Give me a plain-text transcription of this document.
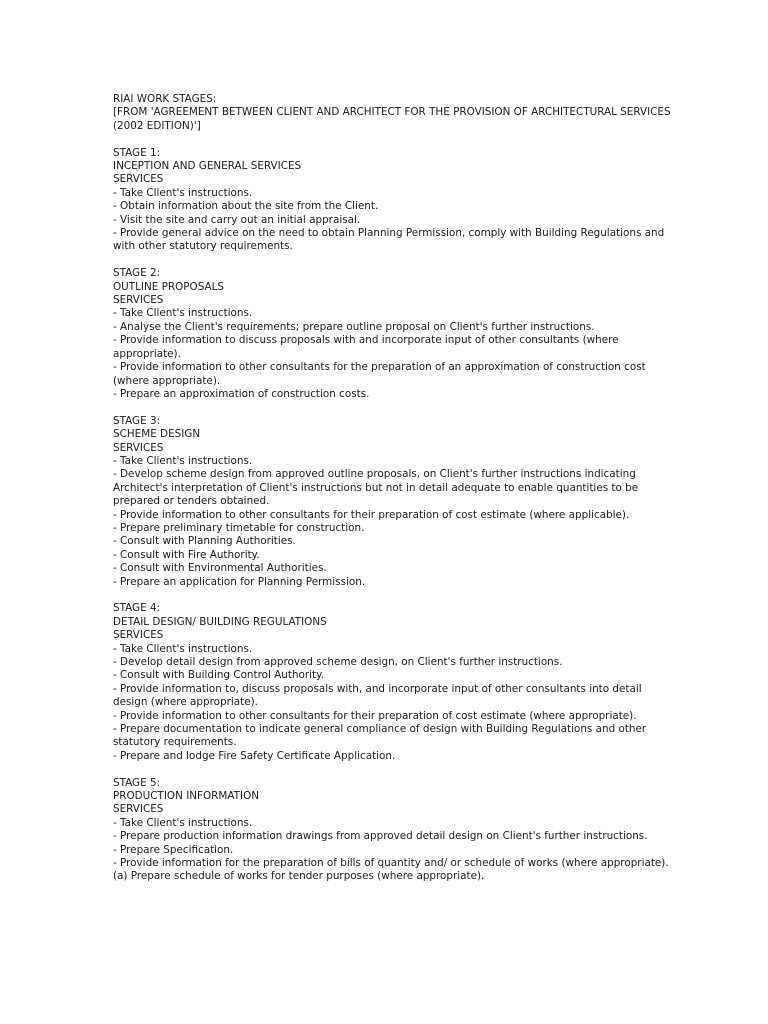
RIAI WORK STAGES:
[FROM 'AGREEMENT BETWEEN CLIENT AND ARCHITECT FOR THE PROVISION OF ARCHITECTURAL SERVICES (2002 EDITION)']
STAGE 1:
INCEPTION AND GENERAL SERVICES
SERVICES
- Take Client's instructions.
- Obtain information about the site from the Client.
- Visit the site and carry out an initial appraisal.
- Provide general advice on the need to obtain Planning Permission, comply with Building Regulations and with other statutory requirements.
STAGE 2:
OUTLINE PROPOSALS
SERVICES
- Take Client's instructions.
- Analyse the Client's requirements; prepare outline proposal on Client's further instructions.
- Provide information to discuss proposals with and incorporate input of other consultants (where appropriate).
- Provide information to other consultants for the preparation of an approximation of construction cost (where appropriate).
- Prepare an approximation of construction costs.
STAGE 3:
SCHEME DESIGN
SERVICES
- Take Client's instructions.
- Develop scheme design from approved outline proposals, on Client's further instructions indicating Architect's interpretation of Client's instructions but not in detail adequate to enable quantities to be prepared or tenders obtained.
- Provide information to other consultants for their preparation of cost estimate (where applicable).
- Prepare preliminary timetable for construction.
- Consult with Planning Authorities.
- Consult with Fire Authority.
- Consult with Environmental Authorities.
- Prepare an application for Planning Permission.
STAGE 4:
DETAIL DESIGN/ BUILDING REGULATIONS
SERVICES
- Take Client's instructions.
- Develop detail design from approved scheme design, on Client's further instructions.
- Consult with Building Control Authority.
- Provide information to, discuss proposals with, and incorporate input of other consultants into detail design (where appropriate).
- Provide information to other consultants for their preparation of cost estimate (where appropriate).
- Prepare documentation to indicate general compliance of design with Building Regulations and other statutory requirements.
- Prepare and lodge Fire Safety Certificate Application.
STAGE 5:
PRODUCTION INFORMATION
SERVICES
- Take Client's instructions.
- Prepare production information drawings from approved detail design on Client's further instructions.
- Prepare Specification.
- Provide information for the preparation of bills of quantity and/ or schedule of works (where appropriate).
(a) Prepare schedule of works for tender purposes (where appropriate).
